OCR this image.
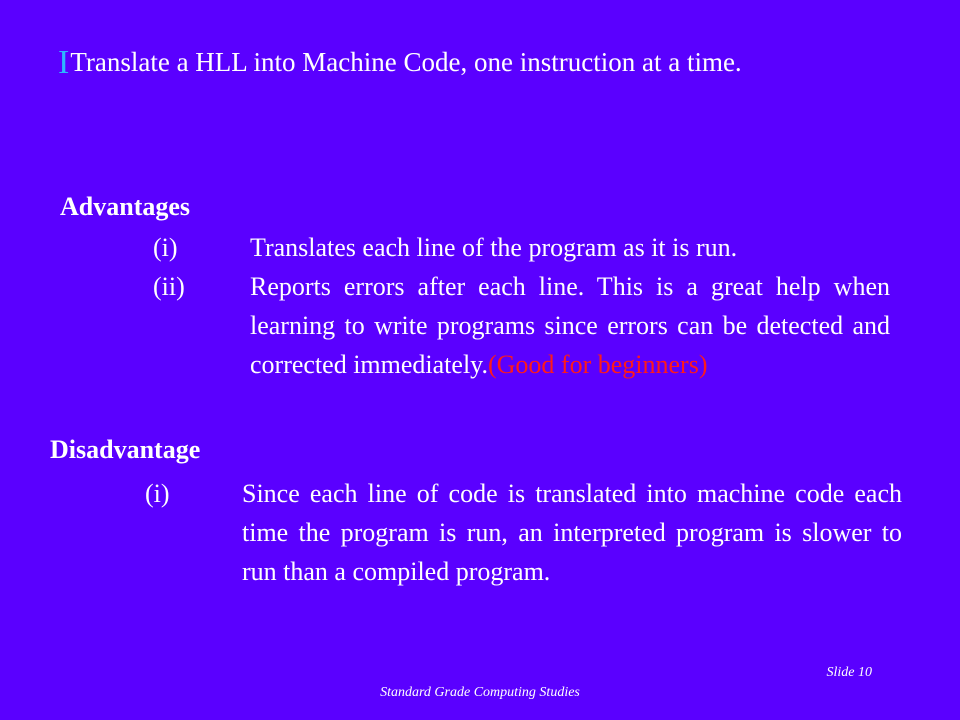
ITranslate a HLL into Machine Code, one instruction at a time.
Advantages
(i)	Translates each line of the program as it is run.
(ii)	Reports errors after each line. This is a great help when learning to write programs since errors can be detected and corrected immediately.(Good for beginners)
Disadvantage
(i)	Since each line of code is translated into machine code each time the program is run, an interpreted program is slower to run than a compiled program.
Slide 10
Standard Grade Computing Studies
